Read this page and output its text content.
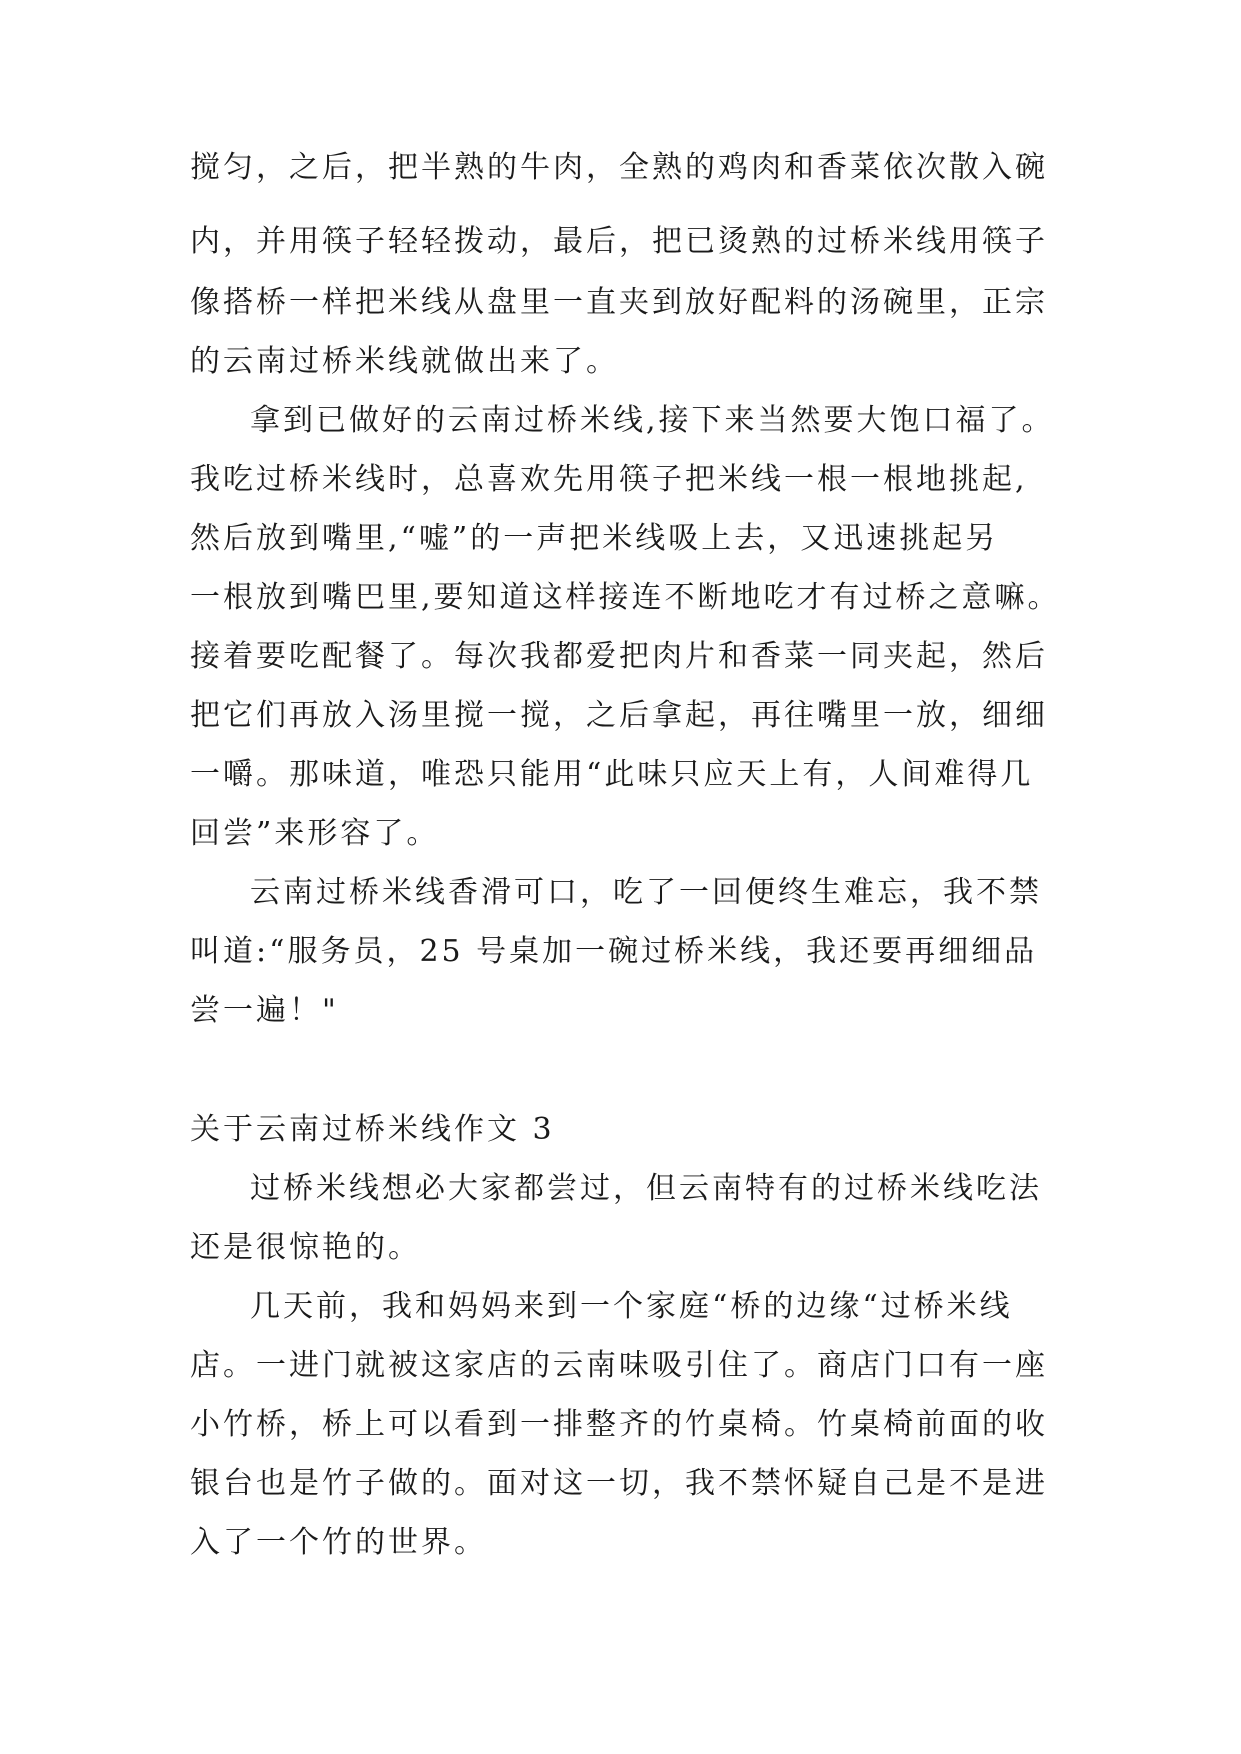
搅匀，之后，把半熟的牛肉，全熟的鸡肉和香菜依次散入碗
内，并用筷子轻轻拨动，最后，把已烫熟的过桥米线用筷子
像搭桥一样把米线从盘里一直夹到放好配料的汤碗里，正宗
的云南过桥米线就做出来了。
拿到已做好的云南过桥米线,接下来当然要大饱口福了。
我吃过桥米线时，总喜欢先用筷子把米线一根一根地挑起,
然后放到嘴里,“嘘”的一声把米线吸上去，又迅速挑起另
一根放到嘴巴里,要知道这样接连不断地吃才有过桥之意嘛。
接着要吃配餐了。每次我都爱把肉片和香菜一同夹起，然后
把它们再放入汤里搅一搅，之后拿起，再往嘴里一放，细细
一嚼。那味道，唯恐只能用“此味只应天上有，人间难得几
回尝”来形容了。
云南过桥米线香滑可口，吃了一回便终生难忘，我不禁
叫道:“服务员，25 号桌加一碗过桥米线，我还要再细细品
尝一遍！"
关于云南过桥米线作文 3
过桥米线想必大家都尝过，但云南特有的过桥米线吃法
还是很惊艳的。
几天前，我和妈妈来到一个家庭“桥的边缘“过桥米线
店。一进门就被这家店的云南味吸引住了。商店门口有一座
小竹桥，桥上可以看到一排整齐的竹桌椅。竹桌椅前面的收
银台也是竹子做的。面对这一切，我不禁怀疑自己是不是进
入了一个竹的世界。
